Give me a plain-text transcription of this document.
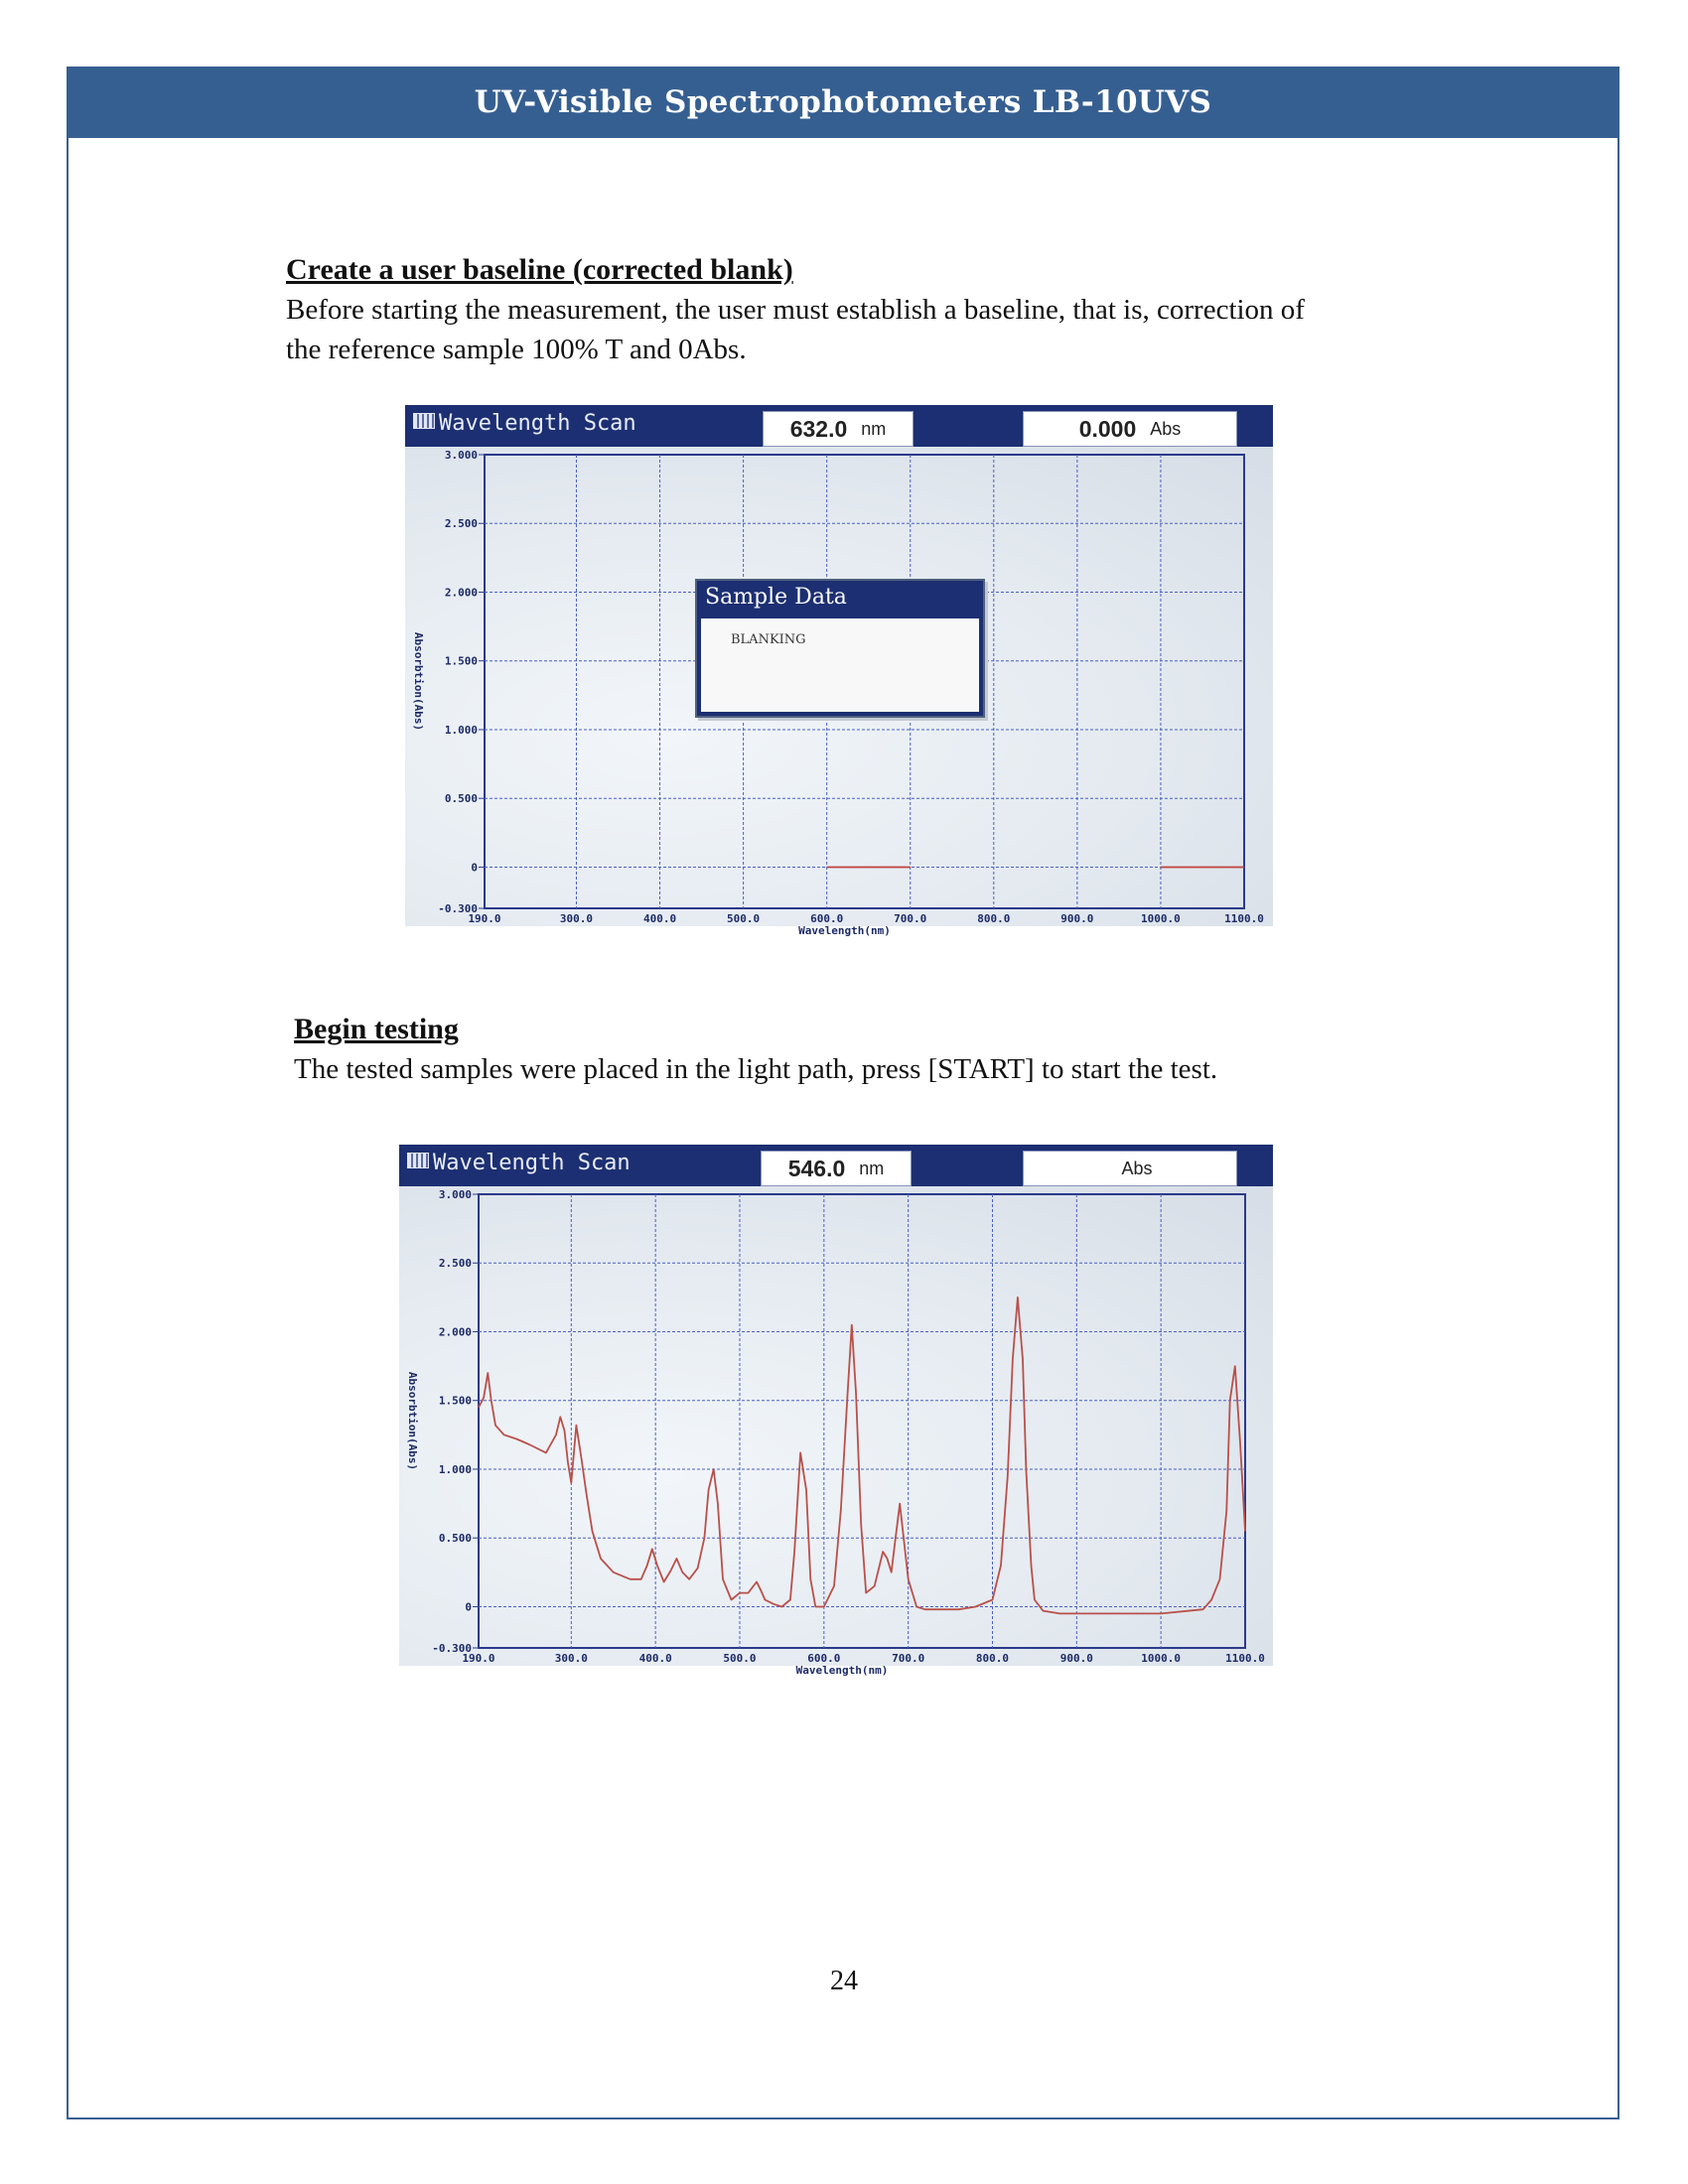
UV-Visible Spectrophotometers LB-10UVS
Create a user baseline (corrected blank)
Before starting the measurement, the user must establish a baseline, that is, correction of
the reference sample 100% T and 0Abs.
Wavelength Scan	632.0 nm	0.000 Abs
190.0	300.0	400.0	500.0	600.0	700.0	800.0	900.0	1000.0	1100.0
3.000
2.500
2.000
1.500
1.000
0.500
0
-0.300
Wavelength(nm)
Absorbtion(Abs)
Sample Data
BLANKING
Begin testing
The tested samples were placed in the light path, press [START] to start the test.
Wavelength Scan	546.0 nm	Abs
190.0	300.0	400.0	500.0	600.0	700.0	800.0	900.0	1000.0	1100.0
3.000
2.500
2.000
1.500
1.000
0.500
0
-0.300
Wavelength(nm)
Absorbtion(Abs)
24
